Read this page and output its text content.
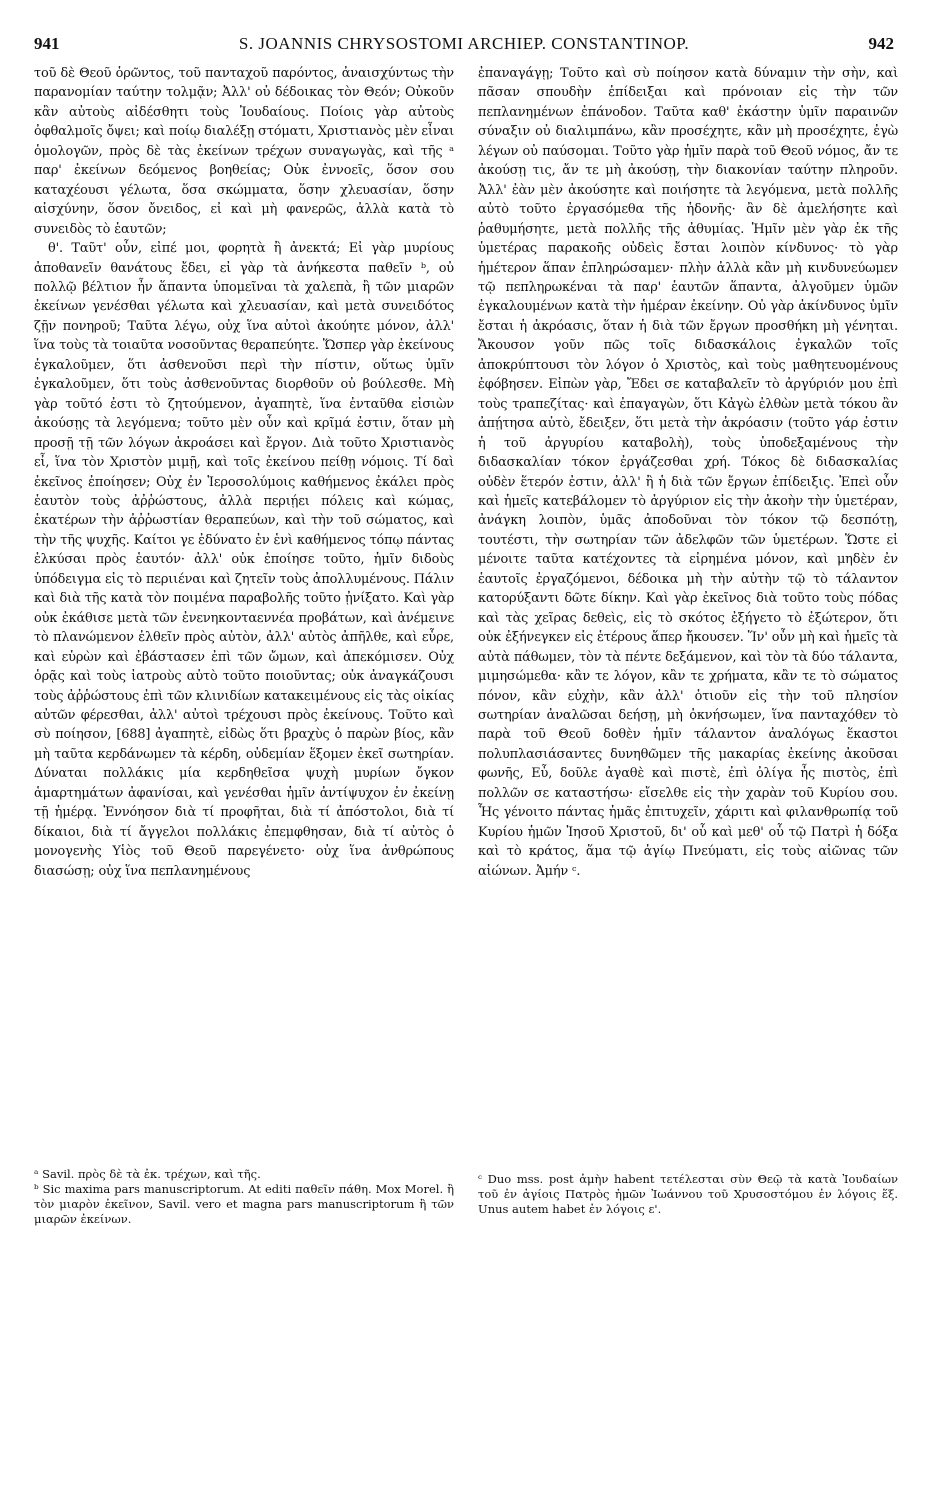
941	S. JOANNIS CHRYSOSTOMI ARCHIEP. CONSTANTINOP.	942

τοῦ δὲ Θεοῦ ὁρῶντος, τοῦ πανταχοῦ παρόντος, ἀναισχύντως τὴν παρανομίαν ταύτην τολμᾷν; Ἀλλ' οὐ δέδοικας τὸν Θεόν; Οὐκοῦν κἂν αὐτοὺς αἰδέσθητι τοὺς Ἰουδαίους. Ποίοις γὰρ αὐτοὺς ὀφθαλμοῖς ὄψει; καὶ ποίῳ διαλέξῃ στόματι, Χριστιανὸς μὲν εἶναι ὁμολογῶν, πρὸς δὲ τὰς ἐκείνων τρέχων συναγωγὰς, καὶ τῆς ᵃ παρ' ἐκείνων δεόμενος βοηθείας; Οὐκ ἐννοεῖς, ὅσον σου καταχέουσι γέλωτα, ὅσα σκώμματα, ὅσην χλευασίαν, ὅσην αἰσχύνην, ὅσον ὄνειδος, εἰ καὶ μὴ φανερῶς, ἀλλὰ κατὰ τὸ συνειδὸς τὸ ἑαυτῶν;

θ'. Ταῦτ' οὖν, εἰπέ μοι, φορητὰ ἢ ἀνεκτά; Εἰ γὰρ μυρίους ἀποθανεῖν θανάτους ἔδει, εἰ γὰρ τὰ ἀνήκεστα παθεῖν ᵇ, οὐ πολλῷ βέλτιον ἦν ἅπαντα ὑπομεῖναι τὰ χαλεπὰ, ἢ τῶν μιαρῶν ἐκείνων γενέσθαι γέλωτα καὶ χλευασίαν, καὶ μετὰ συνειδότος ζῇν πονηροῦ; Ταῦτα λέγω, οὐχ ἵνα αὐτοὶ ἀκούητε μόνον, ἀλλ' ἵνα τοὺς τὰ τοιαῦτα νοσοῦντας θεραπεύητε. Ὥσπερ γὰρ ἐκείνους ἐγκαλοῦμεν, ὅτι ἀσθενοῦσι περὶ τὴν πίστιν, οὕτως ὑμῖν ἐγκαλοῦμεν, ὅτι τοὺς ἀσθενοῦντας διορθοῦν οὐ βούλεσθε. Μὴ γὰρ τοῦτό ἐστι τὸ ζητούμενον, ἀγαπητὲ, ἵνα ἐνταῦθα εἰσιὼν ἀκούσῃς τὰ λεγόμενα; τοῦτο μὲν οὖν καὶ κρῖμά ἐστιν, ὅταν μὴ προσῇ τῇ τῶν λόγων ἀκροάσει καὶ ἔργον. Διὰ τοῦτο Χριστιανὸς εἶ, ἵνα τὸν Χριστὸν μιμῇ, καὶ τοῖς ἐκείνου πείθῃ νόμοις. Τί δαὶ ἐκεῖνος ἐποίησεν; Οὐχ ἐν Ἱεροσολύμοις καθήμενος ἐκάλει πρὸς ἑαυτὸν τοὺς ἀῤῥώστους, ἀλλὰ περιῄει πόλεις καὶ κώμας, ἑκατέρων τὴν ἀῤῥωστίαν θεραπεύων, καὶ τὴν τοῦ σώματος, καὶ τὴν τῆς ψυχῆς. Καίτοι γε ἐδύνατο ἐν ἑνὶ καθήμενος τόπῳ πάντας ἑλκύσαι πρὸς ἑαυτόν· ἀλλ' οὐκ ἐποίησε τοῦτο, ἡμῖν διδοὺς ὑπόδειγμα εἰς τὸ περιιέναι καὶ ζητεῖν τοὺς ἀπολλυμένους. Πάλιν καὶ διὰ τῆς κατὰ τὸν ποιμένα παραβολῆς τοῦτο ᾐνίξατο. Καὶ γὰρ οὐκ ἐκάθισε μετὰ τῶν ἐνενηκονταεννέα προβάτων, καὶ ἀνέμεινε τὸ πλανώμενον ἐλθεῖν πρὸς αὐτὸν, ἀλλ' αὐτὸς ἀπῆλθε, καὶ εὗρε, καὶ εὑρὼν καὶ ἐβάστασεν ἐπὶ τῶν ὤμων, καὶ ἀπεκόμισεν. Οὐχ ὁρᾷς καὶ τοὺς ἰατροὺς αὐτὸ τοῦτο ποιοῦντας; οὐκ ἀναγκάζουσι τοὺς ἀῤῥώστους ἐπὶ τῶν κλινιδίων κατακειμένους εἰς τὰς οἰκίας αὐτῶν φέρεσθαι, ἀλλ' αὐτοὶ τρέχουσι πρὸς ἐκείνους. Τοῦτο καὶ σὺ ποίησον, [688] ἀγαπητὲ, εἰδὼς ὅτι βραχὺς ὁ παρὼν βίος, κἂν μὴ ταῦτα κερδάνωμεν τὰ κέρδη, οὐδεμίαν ἕξομεν ἐκεῖ σωτηρίαν. Δύναται πολλάκις μία κερδηθεῖσα ψυχὴ μυρίων ὄγκον ἁμαρτημάτων ἀφανίσαι, καὶ γενέσθαι ἡμῖν ἀντίψυχον ἐν ἐκείνῃ τῇ ἡμέρᾳ. Ἐννόησον διὰ τί προφῆται, διὰ τί ἀπόστολοι, διὰ τί δίκαιοι, διὰ τί ἄγγελοι πολλάκις ἐπεμφθησαν, διὰ τί αὐτὸς ὁ μονογενὴς Υἱὸς τοῦ Θεοῦ παρεγένετο· οὐχ ἵνα ἀνθρώπους διασώσῃ; οὐχ ἵνα πεπλανημένους

ἐπαναγάγῃ; Τοῦτο καὶ σὺ ποίησον κατὰ δύναμιν τὴν σὴν, καὶ πᾶσαν σπουδὴν ἐπίδειξαι καὶ πρόνοιαν εἰς τὴν τῶν πεπλανημένων ἐπάνοδον. Ταῦτα καθ' ἑκάστην ὑμῖν παραινῶν σύναξιν οὐ διαλιμπάνω, κἂν προσέχητε, κἂν μὴ προσέχητε, ἐγὼ λέγων οὐ παύσομαι. Τοῦτο γὰρ ἡμῖν παρὰ τοῦ Θεοῦ νόμος, ἄν τε ἀκούσῃ τις, ἄν τε μὴ ἀκούσῃ, τὴν διακονίαν ταύτην πληροῦν. Ἀλλ' ἐὰν μὲν ἀκούσητε καὶ ποιήσητε τὰ λεγόμενα, μετὰ πολλῆς αὐτὸ τοῦτο ἐργασόμεθα τῆς ἡδονῆς· ἂν δὲ ἀμελήσητε καὶ ῥαθυμήσητε, μετὰ πολλῆς τῆς ἀθυμίας. Ἡμῖν μὲν γὰρ ἐκ τῆς ὑμετέρας παρακοῆς οὐδεὶς ἔσται λοιπὸν κίνδυνος· τὸ γὰρ ἡμέτερον ἅπαν ἐπληρώσαμεν· πλὴν ἀλλὰ κἂν μὴ κινδυνεύωμεν τῷ πεπληρωκέναι τὰ παρ' ἑαυτῶν ἅπαντα, ἀλγοῦμεν ὑμῶν ἐγκαλουμένων κατὰ τὴν ἡμέραν ἐκείνην. Οὐ γὰρ ἀκίνδυνος ὑμῖν ἔσται ἡ ἀκρόασις, ὅταν ἡ διὰ τῶν ἔργων προσθήκη μὴ γένηται. Ἄκουσον γοῦν πῶς τοῖς διδασκάλοις ἐγκαλῶν τοῖς ἀποκρύπτουσι τὸν λόγον ὁ Χριστὸς, καὶ τοὺς μαθητευομένους ἐφόβησεν. Εἰπὼν γὰρ, Ἔδει σε καταβαλεῖν τὸ ἀργύριόν μου ἐπὶ τοὺς τραπεζίτας· καὶ ἐπαγαγὼν, ὅτι Κἀγὼ ἐλθὼν μετὰ τόκου ἂν ἀπῄτησα αὐτὸ, ἔδειξεν, ὅτι μετὰ τὴν ἀκρόασιν (τοῦτο γάρ ἐστιν ἡ τοῦ ἀργυρίου καταβολὴ), τοὺς ὑποδεξαμένους τὴν διδασκαλίαν τόκον ἐργάζεσθαι χρή. Τόκος δὲ διδασκαλίας οὐδὲν ἕτερόν ἐστιν, ἀλλ' ἢ ἡ διὰ τῶν ἔργων ἐπίδειξις. Ἐπεὶ οὖν καὶ ἡμεῖς κατεβάλομεν τὸ ἀργύριον εἰς τὴν ἀκοὴν τὴν ὑμετέραν, ἀνάγκη λοιπὸν, ὑμᾶς ἀποδοῦναι τὸν τόκον τῷ δεσπότῃ, τουτέστι, τὴν σωτηρίαν τῶν ἀδελφῶν τῶν ὑμετέρων. Ὥστε εἰ μένοιτε ταῦτα κατέχοντες τὰ εἰρημένα μόνον, καὶ μηδὲν ἐν ἑαυτοῖς ἐργαζόμενοι, δέδοικα μὴ τὴν αὐτὴν τῷ τὸ τάλαντον κατορύξαντι δῶτε δίκην. Καὶ γὰρ ἐκεῖνος διὰ τοῦτο τοὺς πόδας καὶ τὰς χεῖρας δεθεὶς, εἰς τὸ σκότος ἐξήγετο τὸ ἐξώτερον, ὅτι οὐκ ἐξήνεγκεν εἰς ἑτέρους ἅπερ ἤκουσεν. Ἵν' οὖν μὴ καὶ ἡμεῖς τὰ αὐτὰ πάθωμεν, τὸν τὰ πέντε δεξάμενον, καὶ τὸν τὰ δύο τάλαντα, μιμησώμεθα· κἂν τε λόγον, κἂν τε χρήματα, κἂν τε τὸ σώματος πόνον, κἂν εὐχὴν, κἂν ἀλλ' ὁτιοῦν εἰς τὴν τοῦ πλησίον σωτηρίαν ἀναλῶσαι δεήσῃ, μὴ ὀκνήσωμεν, ἵνα πανταχόθεν τὸ παρὰ τοῦ Θεοῦ δοθὲν ἡμῖν τάλαντον ἀναλόγως ἕκαστοι πολυπλασιάσαντες δυνηθῶμεν τῆς μακαρίας ἐκείνης ἀκοῦσαι φωνῆς, Εὖ, δοῦλε ἀγαθὲ καὶ πιστὲ, ἐπὶ ὀλίγα ἦς πιστὸς, ἐπὶ πολλῶν σε καταστήσω· εἴσελθε εἰς τὴν χαρὰν τοῦ Κυρίου σου. Ἧς γένοιτο πάντας ἡμᾶς ἐπιτυχεῖν, χάριτι καὶ φιλανθρωπίᾳ τοῦ Κυρίου ἡμῶν Ἰησοῦ Χριστοῦ, δι' οὗ καὶ μεθ' οὗ τῷ Πατρὶ ἡ δόξα καὶ τὸ κράτος, ἅμα τῷ ἁγίῳ Πνεύματι, εἰς τοὺς αἰῶνας τῶν αἰώνων. Ἀμήν ᶜ.

ᵃ Savil. πρὸς δὲ τὰ ἐκ. τρέχων, καὶ τῆς.
ᵇ Sic maxima pars manuscriptorum. At editi παθεῖν πάθη. Mox Morel. ἢ τὸν μιαρὸν ἐκεῖνον, Savil. vero et magna pars manuscriptorum ἢ τῶν μιαρῶν ἐκείνων.
ᶜ Duo mss. post ἀμὴν habent τετέλεσται σὺν Θεῷ τὰ κατὰ Ἰουδαίων τοῦ ἐν ἁγίοις Πατρὸς ἡμῶν Ἰωάννου τοῦ Χρυσοστόμου ἐν λόγοις ἕξ. Unus autem habet ἐν λόγοις ε'.
